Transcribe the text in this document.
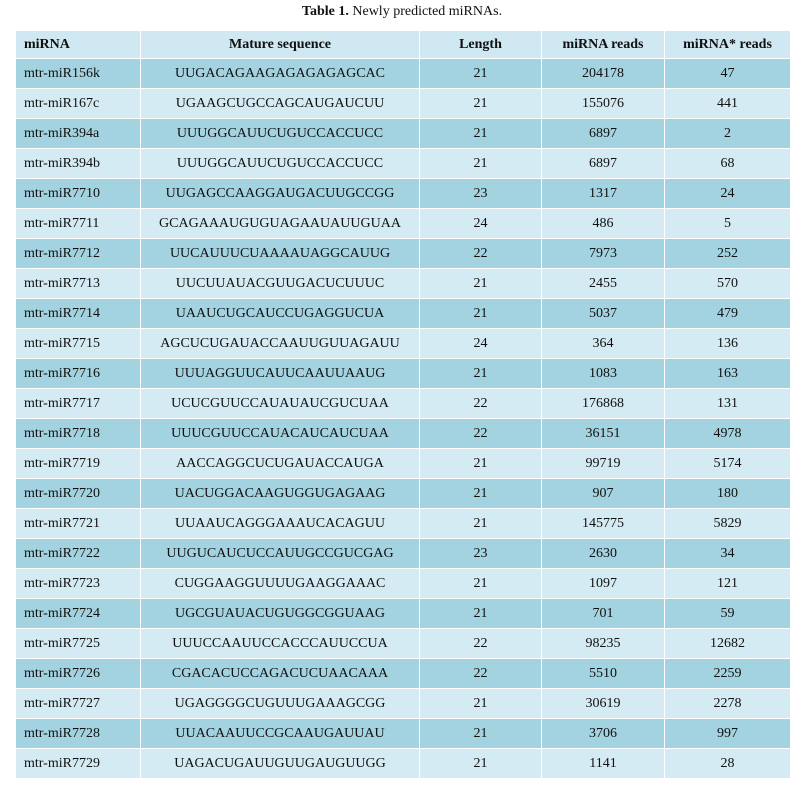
Table 1. Newly predicted miRNAs.
miRNA	Mature sequence	Length	miRNA reads	miRNA* reads
mtr-miR156k	UUGACAGAAGAGAGAGAGCAC	21	204178	47
mtr-miR167c	UGAAGCUGCCAGCAUGAUCUU	21	155076	441
mtr-miR394a	UUUGGCAUUCUGUCCACCUCC	21	6897	2
mtr-miR394b	UUUGGCAUUCUGUCCACCUCC	21	6897	68
mtr-miR7710	UUGAGCCAAGGAUGACUUGCCGG	23	1317	24
mtr-miR7711	GCAGAAAUGUGUAGAAUAUUGUAA	24	486	5
mtr-miR7712	UUCAUUUCUAAAAUAGGCAUUG	22	7973	252
mtr-miR7713	UUCUUAUACGUUGACUCUUUC	21	2455	570
mtr-miR7714	UAAUCUGCAUCCUGAGGUCUA	21	5037	479
mtr-miR7715	AGCUCUGAUACCAAUUGUUAGAUU	24	364	136
mtr-miR7716	UUUAGGUUCAUUCAAUUAAUG	21	1083	163
mtr-miR7717	UCUCGUUCCAUAUAUCGUCUAA	22	176868	131
mtr-miR7718	UUUCGUUCCAUACAUCAUCUAA	22	36151	4978
mtr-miR7719	AACCAGGCUCUGAUACCAUGA	21	99719	5174
mtr-miR7720	UACUGGACAAGUGGUGAGAAG	21	907	180
mtr-miR7721	UUAAUCAGGGAAAUCACAGUU	21	145775	5829
mtr-miR7722	UUGUCAUCUCCAUUGCCGUCGAG	23	2630	34
mtr-miR7723	CUGGAAGGUUUUGAAGGAAAC	21	1097	121
mtr-miR7724	UGCGUAUACUGUGGCGGUAAG	21	701	59
mtr-miR7725	UUUCCAAUUCCACCCAUUCCUA	22	98235	12682
mtr-miR7726	CGACACUCCAGACUCUAACAAA	22	5510	2259
mtr-miR7727	UGAGGGGCUGUUUGAAAGCGG	21	30619	2278
mtr-miR7728	UUACAAUUCCGCAAUGAUUAU	21	3706	997
mtr-miR7729	UAGACUGAUUGUUGAUGUUGG	21	1141	28
